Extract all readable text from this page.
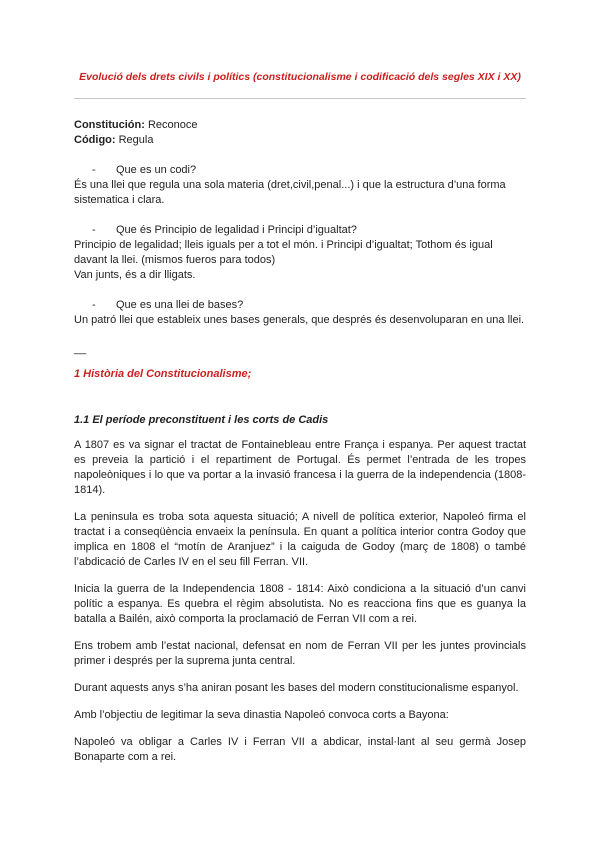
Evolució dels drets civils i polítics (constitucionalisme i codificació dels segles XIX i XX)

Constitución: Reconoce

Código: Regula

- Que es un codi?

És una llei que regula una sola materia (dret,civil,penal...) i que la estructura d’una forma sistematica i clara.

- Que és Principio de legalidad i Principi d’igualtat?

Principio de legalidad; lleis iguals per a tot el món. i Principi d’igualtat; Tothom és igual davant la llei. (mismos fueros para todos)

Van junts, és a dir lligats.

- Que es una llei de bases?

Un patró llei que estableix unes bases generals, que després és desenvoluparan en una llei.

__

1 Història del Constitucionalisme;

1.1 El període preconstituent i les corts de Cadis

A 1807 es va signar el tractat de Fontainebleau entre França i espanya. Per aquest tractat es preveia la partició i el repartiment de Portugal. És permet l’entrada de les tropes napoleòniques i lo que va portar a la invasió francesa i la guerra de la independencia (1808-1814).

La peninsula es troba sota aquesta situació; A nivell de política exterior, Napoleó firma el tractat i a conseqüència envaeix la península. En quant a política interior contra Godoy que implica en 1808 el “motín de Aranjuez” i la caiguda de Godoy (març de 1808) o també l’abdicació de Carles IV en el seu fill Ferran. VII.

Inicia la guerra de la Independencia 1808 - 1814: Això condiciona a la situació d’un canvi polític a espanya. Es quebra el règim absolutista. No es reacciona fins que es guanya la batalla a Bailén, això comporta la proclamació de Ferran VII com a rei.

Ens trobem amb l’estat nacional, defensat en nom de Ferran VII per les juntes provincials primer i després per la suprema junta central.

Durant aquests anys s’ha aniran posant les bases del modern constitucionalisme espanyol.

Amb l’objectiu de legitimar la seva dinastia Napoleó convoca corts a Bayona:

Napoleó va obligar a Carles IV i Ferran VII a abdicar, instal·lant al seu germà Josep Bonaparte com a rei.
